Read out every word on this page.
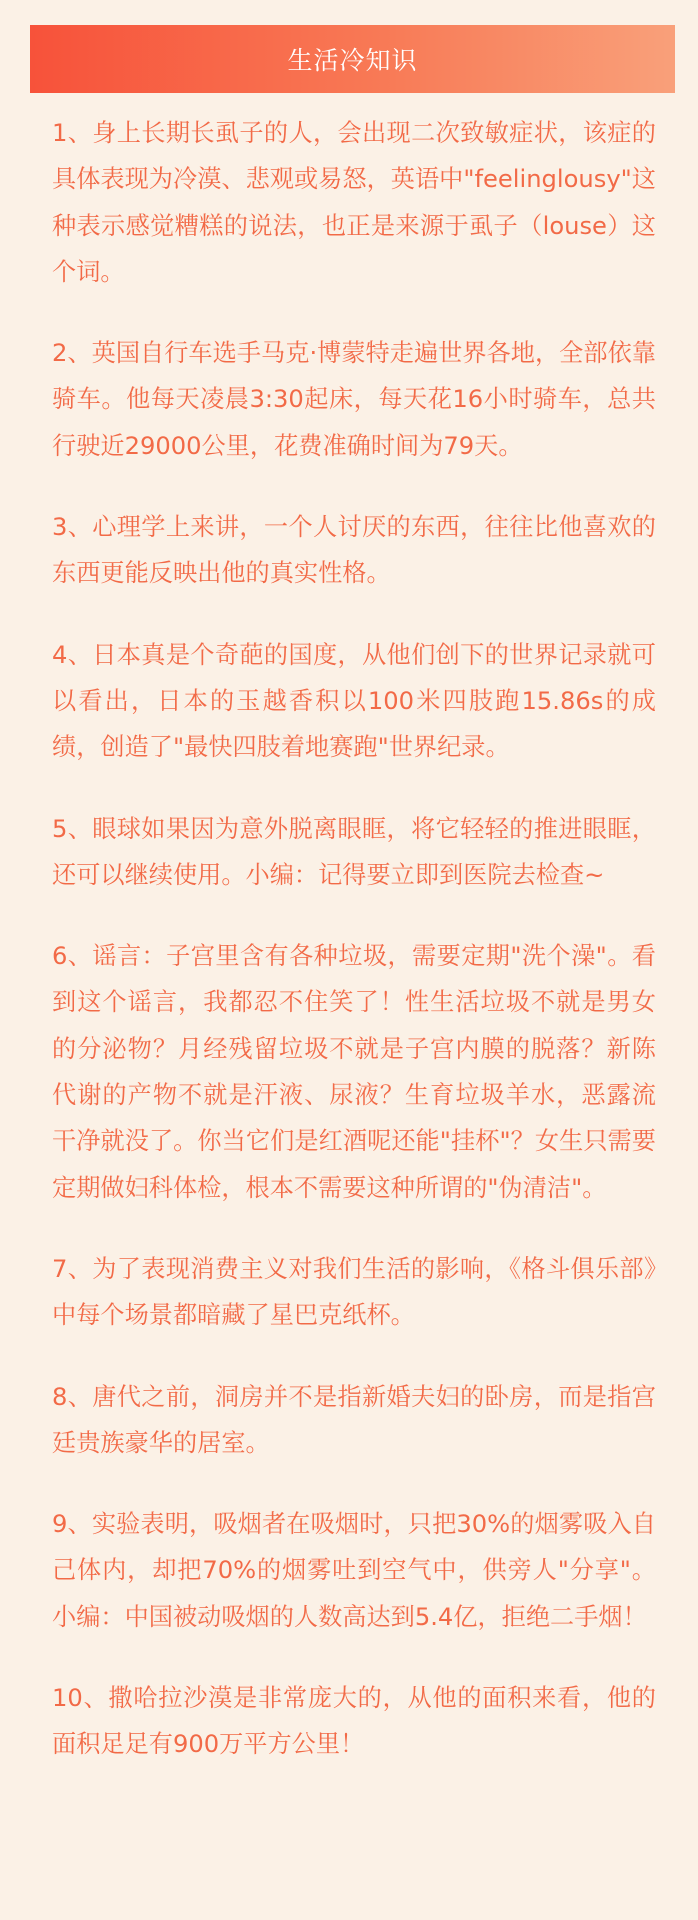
生活冷知识

1、身上长期长虱子的人，会出现二次致敏症状，该症的具体表现为冷漠、悲观或易怒，英语中"feelinglousy"这种表示感觉糟糕的说法，也正是来源于虱子（louse）这个词。

2、英国自行车选手马克·博蒙特走遍世界各地，全部依靠骑车。他每天凌晨3:30起床，每天花16小时骑车，总共行驶近29000公里，花费准确时间为79天。

3、心理学上来讲，一个人讨厌的东西，往往比他喜欢的东西更能反映出他的真实性格。

4、日本真是个奇葩的国度，从他们创下的世界记录就可以看出，日本的玉越香积以100米四肢跑15.86s的成绩，创造了"最快四肢着地赛跑"世界纪录。

5、眼球如果因为意外脱离眼眶，将它轻轻的推进眼眶，还可以继续使用。小编：记得要立即到医院去检查~

6、谣言：子宫里含有各种垃圾，需要定期"洗个澡"。看到这个谣言，我都忍不住笑了！性生活垃圾不就是男女的分泌物？月经残留垃圾不就是子宫内膜的脱落？新陈代谢的产物不就是汗液、尿液？生育垃圾羊水，恶露流干净就没了。你当它们是红酒呢还能"挂杯"？女生只需要定期做妇科体检，根本不需要这种所谓的"伪清洁"。

7、为了表现消费主义对我们生活的影响，《格斗俱乐部》中每个场景都暗藏了星巴克纸杯。

8、唐代之前，洞房并不是指新婚夫妇的卧房，而是指宫廷贵族豪华的居室。

9、实验表明，吸烟者在吸烟时，只把30%的烟雾吸入自己体内，却把70%的烟雾吐到空气中，供旁人"分享"。小编：中国被动吸烟的人数高达到5.4亿，拒绝二手烟！

10、撒哈拉沙漠是非常庞大的，从他的面积来看，他的面积足足有900万平方公里！
